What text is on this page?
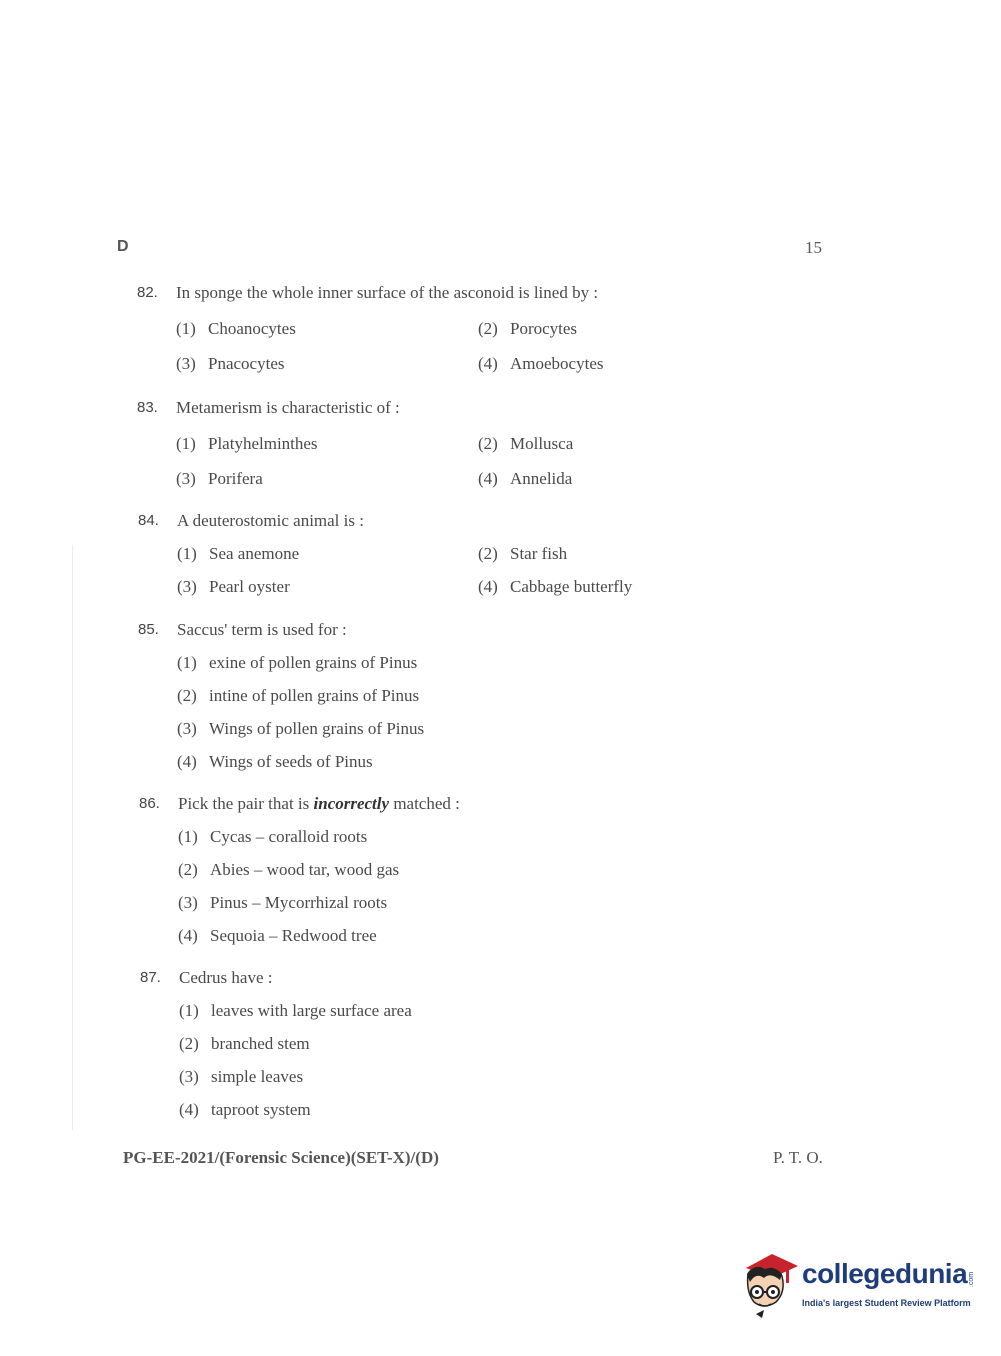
D	15
82. In sponge the whole inner surface of the asconoid is lined by :
(1) Choanocytes	(2) Porocytes
(3) Pnacocytes	(4) Amoebocytes
83. Metamerism is characteristic of :
(1) Platyhelminthes	(2) Mollusca
(3) Porifera	(4) Annelida
84. A deuterostomic animal is :
(1) Sea anemone	(2) Star fish
(3) Pearl oyster	(4) Cabbage butterfly
85. Saccus' term is used for :
(1) exine of pollen grains of Pinus
(2) intine of pollen grains of Pinus
(3) Wings of pollen grains of Pinus
(4) Wings of seeds of Pinus
86. Pick the pair that is incorrectly matched :
(1) Cycas – coralloid roots
(2) Abies – wood tar, wood gas
(3) Pinus – Mycorrhizal roots
(4) Sequoia – Redwood tree
87. Cedrus have :
(1) leaves with large surface area
(2) branched stem
(3) simple leaves
(4) taproot system
PG-EE-2021/(Forensic Science)(SET-X)/(D)	P. T. O.
collegedunia .com
India's largest Student Review Platform
